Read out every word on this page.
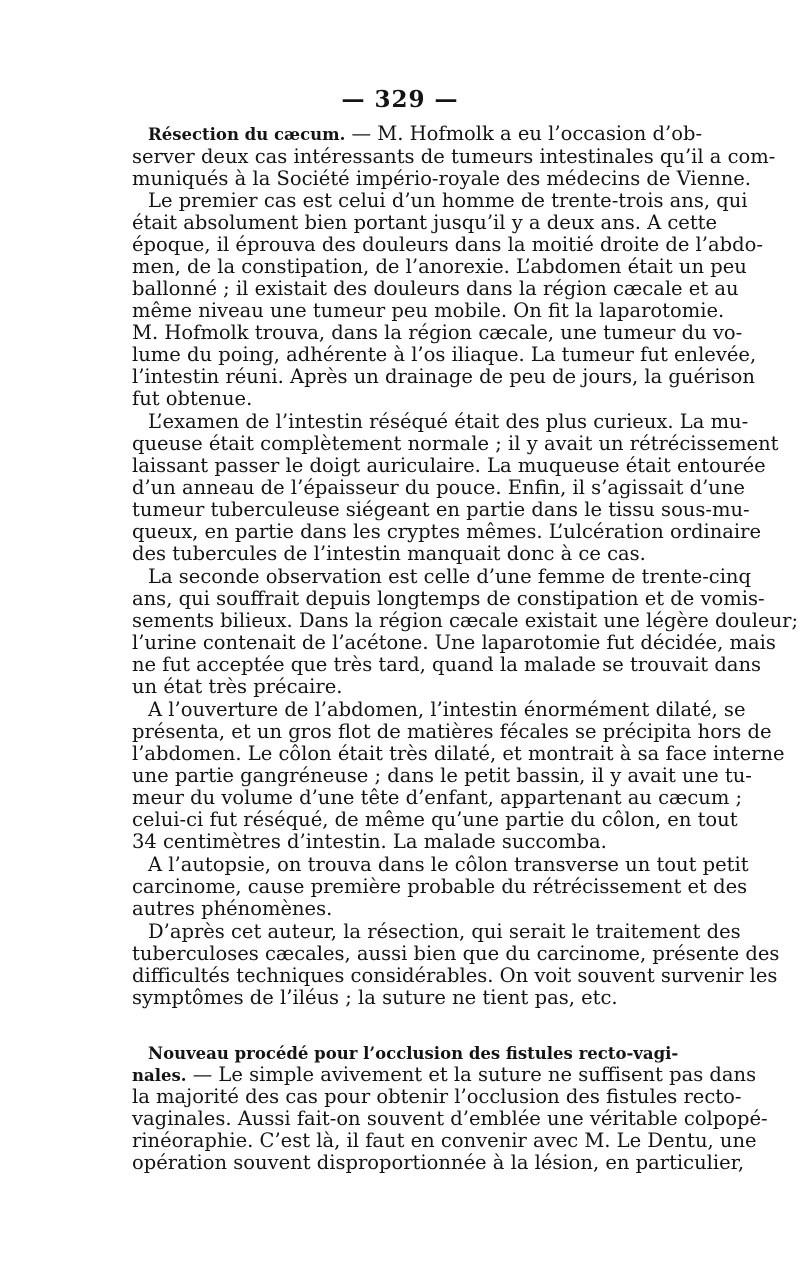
— 329 —
Résection du cæcum. — M. Hofmolk a eu l’occasion d’ob-
server deux cas intéressants de tumeurs intestinales qu’il a com-
muniqués à la Société império-royale des médecins de Vienne.
Le premier cas est celui d’un homme de trente-trois ans, qui
était absolument bien portant jusqu’il y a deux ans. A cette
époque, il éprouva des douleurs dans la moitié droite de l’abdo-
men, de la constipation, de l’anorexie. L’abdomen était un peu
ballonné ; il existait des douleurs dans la région cæcale et au
même niveau une tumeur peu mobile. On fit la laparotomie.
M. Hofmolk trouva, dans la région cæcale, une tumeur du vo-
lume du poing, adhérente à l’os iliaque. La tumeur fut enlevée,
l’intestin réuni. Après un drainage de peu de jours, la guérison
fut obtenue.
L’examen de l’intestin réséqué était des plus curieux. La mu-
queuse était complètement normale ; il y avait un rétrécissement
laissant passer le doigt auriculaire. La muqueuse était entourée
d’un anneau de l’épaisseur du pouce. Enfin, il s’agissait d’une
tumeur tuberculeuse siégeant en partie dans le tissu sous-mu-
queux, en partie dans les cryptes mêmes. L’ulcération ordinaire
des tubercules de l’intestin manquait donc à ce cas.
La seconde observation est celle d’une femme de trente-cinq
ans, qui souffrait depuis longtemps de constipation et de vomis-
sements bilieux. Dans la région cæcale existait une légère douleur;
l’urine contenait de l’acétone. Une laparotomie fut décidée, mais
ne fut acceptée que très tard, quand la malade se trouvait dans
un état très précaire.
A l’ouverture de l’abdomen, l’intestin énormément dilaté, se
présenta, et un gros flot de matières fécales se précipita hors de
l’abdomen. Le côlon était très dilaté, et montrait à sa face interne
une partie gangréneuse ; dans le petit bassin, il y avait une tu-
meur du volume d’une tête d’enfant, appartenant au cæcum ;
celui-ci fut réséqué, de même qu’une partie du côlon, en tout
34 centimètres d’intestin. La malade succomba.
A l’autopsie, on trouva dans le côlon transverse un tout petit
carcinome, cause première probable du rétrécissement et des
autres phénomènes.
D’après cet auteur, la résection, qui serait le traitement des
tuberculoses cæcales, aussi bien que du carcinome, présente des
difficultés techniques considérables. On voit souvent survenir les
symptômes de l’iléus ; la suture ne tient pas, etc.
Nouveau procédé pour l’occlusion des fistules recto-vagi-
nales. — Le simple avivement et la suture ne suffisent pas dans
la majorité des cas pour obtenir l’occlusion des fistules recto-
vaginales. Aussi fait-on souvent d’emblée une véritable colpopé-
rinéoraphie. C’est là, il faut en convenir avec M. Le Dentu, une
opération souvent disproportionnée à la lésion, en particulier,
